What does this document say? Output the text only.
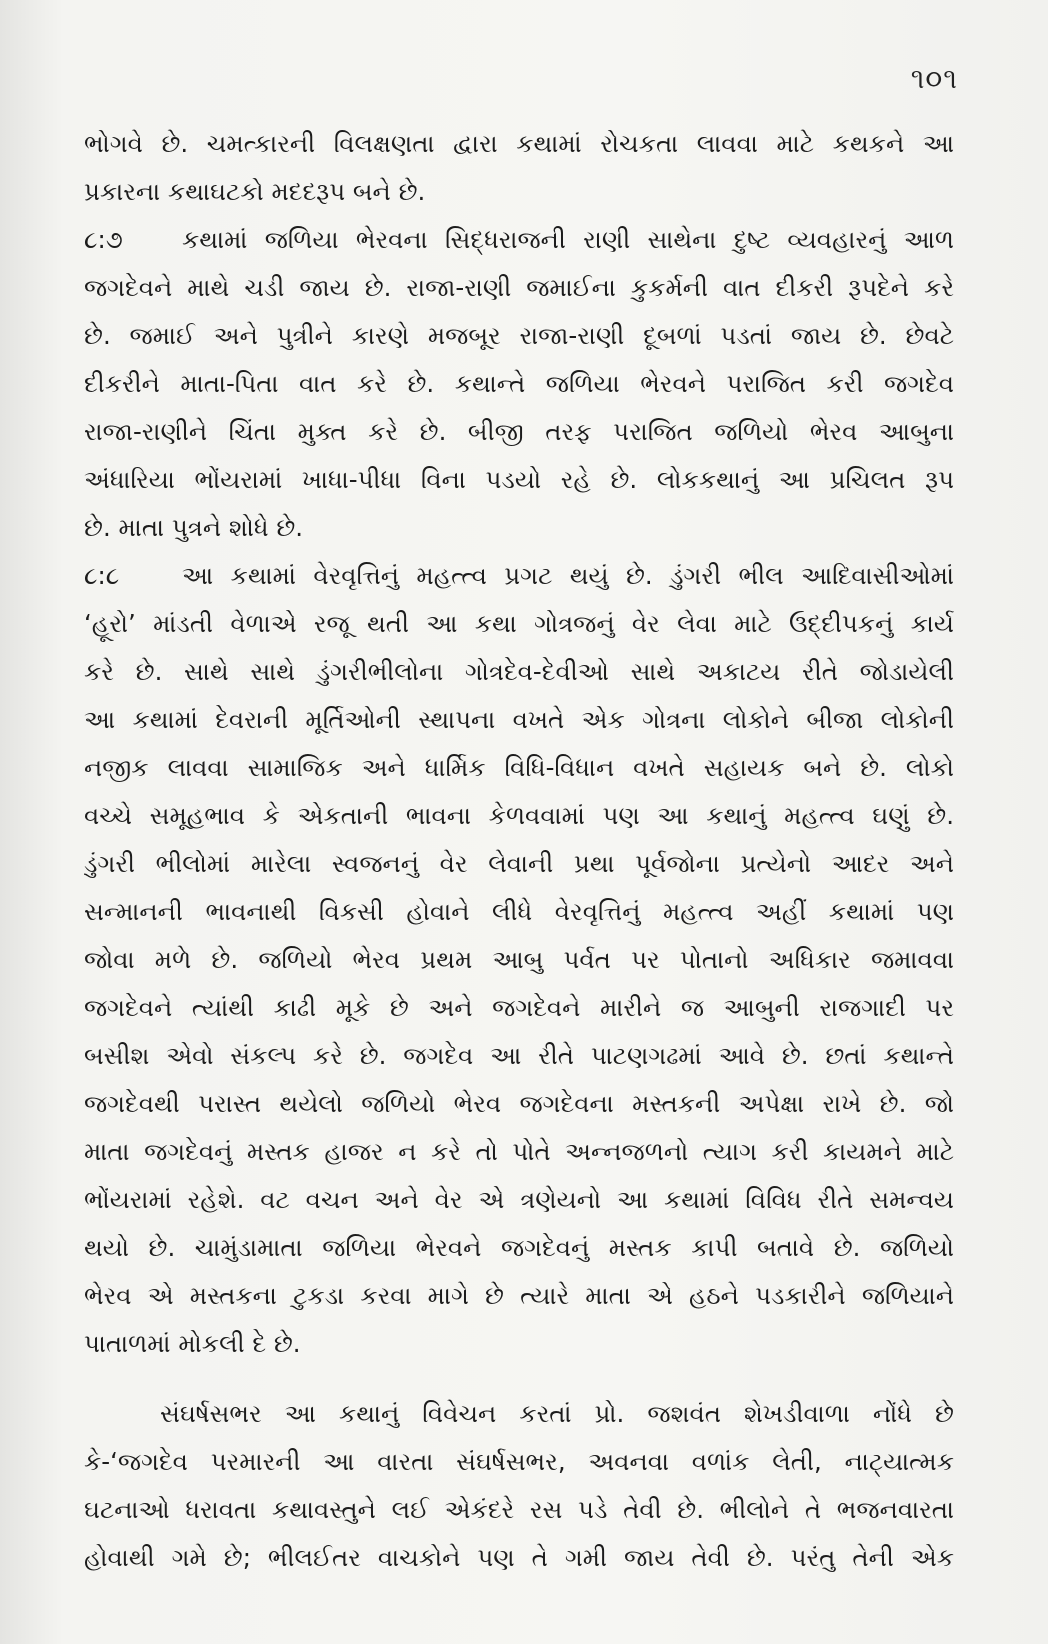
૧૦૧
ભોગવે છે. ચમત્કારની વિલક્ષણતા દ્વારા કથામાં રોચકતા લાવવા માટે કથકને આ
પ્રકારના કથાઘટકો મદદરૂપ બને છે.
૮:૭ કથામાં જળિયા ભેરવના સિદ્ધરાજની રાણી સાથેના દુષ્ટ વ્યવહારનું આળ
જગદેવને માથે ચડી જાય છે. રાજા-રાણી જમાઈના કુકર્મની વાત દીકરી રૂપદેને કરે
છે. જમાઈ અને પુત્રીને કારણે મજબૂર રાજા-રાણી દૂબળાં પડતાં જાય છે. છેવટે
દીકરીને માતા-પિતા વાત કરે છે. કથાન્તે જળિયા ભેરવને પરાજિત કરી જગદેવ
રાજા-રાણીને ચિંતા મુક્ત કરે છે. બીજી તરફ પરાજિત જળિયો ભેરવ આબુના
અંધારિયા ભોંયરામાં ખાધા-પીધા વિના પડયો રહે છે. લોકકથાનું આ પ્રચિલત રૂપ
છે. માતા પુત્રને શોધે છે.
૮:૮	આ કથામાં વેરવૃત્તિનું મહત્ત્વ પ્રગટ થયું છે. ડુંગરી ભીલ આદિવાસીઓમાં
‘હૂરો’ માંડતી વેળાએ રજૂ થતી આ કથા ગોત્રજનું વેર લેવા માટે ઉદ્દીપકનું કાર્ય
કરે છે. સાથે સાથે ડુંગરીભીલોના ગોત્રદેવ-દેવીઓ સાથે અકાટય રીતે જોડાયેલી
આ કથામાં દેવરાની મૂર્તિઓની સ્થાપના વખતે એક ગોત્રના લોકોને બીજા લોકોની
નજીક લાવવા સામાજિક અને ધાર્મિક વિધિ-વિધાન વખતે સહાયક બને છે. લોકો
વચ્ચે સમૂહભાવ કે એકતાની ભાવના કેળવવામાં પણ આ કથાનું મહત્ત્વ ઘણું છે.
ડુંગરી ભીલોમાં મારેલા સ્વજનનું વેર લેવાની પ્રથા પૂર્વજોના પ્રત્યેનો આદર અને
સન્માનની ભાવનાથી વિકસી હોવાને લીધે વેરવૃત્તિનું મહત્ત્વ અહીં કથામાં પણ
જોવા મળે છે. જળિયો ભેરવ પ્રથમ આબુ પર્વત પર પોતાનો અધિકાર જમાવવા
જગદેવને ત્યાંથી કાઢી મૂકે છે અને જગદેવને મારીને જ આબુની રાજગાદી પર
બસીશ એવો સંકલ્પ કરે છે. જગદેવ આ રીતે પાટણગઢમાં આવે છે. છતાં કથાન્તે
જગદેવથી પરાસ્ત થયેલો જળિયો ભેરવ જગદેવના મસ્તકની અપેક્ષા રાખે છે. જો
માતા જગદેવનું મસ્તક હાજર ન કરે તો પોતે અન્નજળનો ત્યાગ કરી કાયમને માટે
ભોંયરામાં રહેશે. વટ વચન અને વેર એ ત્રણેયનો આ કથામાં વિવિધ રીતે સમન્વય
થયો છે. ચામુંડામાતા જળિયા ભેરવને જગદેવનું મસ્તક કાપી બતાવે છે. જળિયો
ભેરવ એ મસ્તકના ટુકડા કરવા માગે છે ત્યારે માતા એ હઠને પડકારીને જળિયાને
પાતાળમાં મોકલી દે છે.
સંઘર્ષસભર આ કથાનું વિવેચન કરતાં પ્રો. જશવંત શેખડીવાળા નોંધે છે
કે-‘જગદેવ પરમારની આ વારતા સંઘર્ષસભર, અવનવા વળાંક લેતી, નાટ્યાત્મક
ઘટનાઓ ધરાવતા કથાવસ્તુને લઈ એકંદરે રસ પડે તેવી છે. ભીલોને તે ભજનવારતા
હોવાથી ગમે છે; ભીલઈતર વાચકોને પણ તે ગમી જાય તેવી છે. પરંતુ તેની એક
